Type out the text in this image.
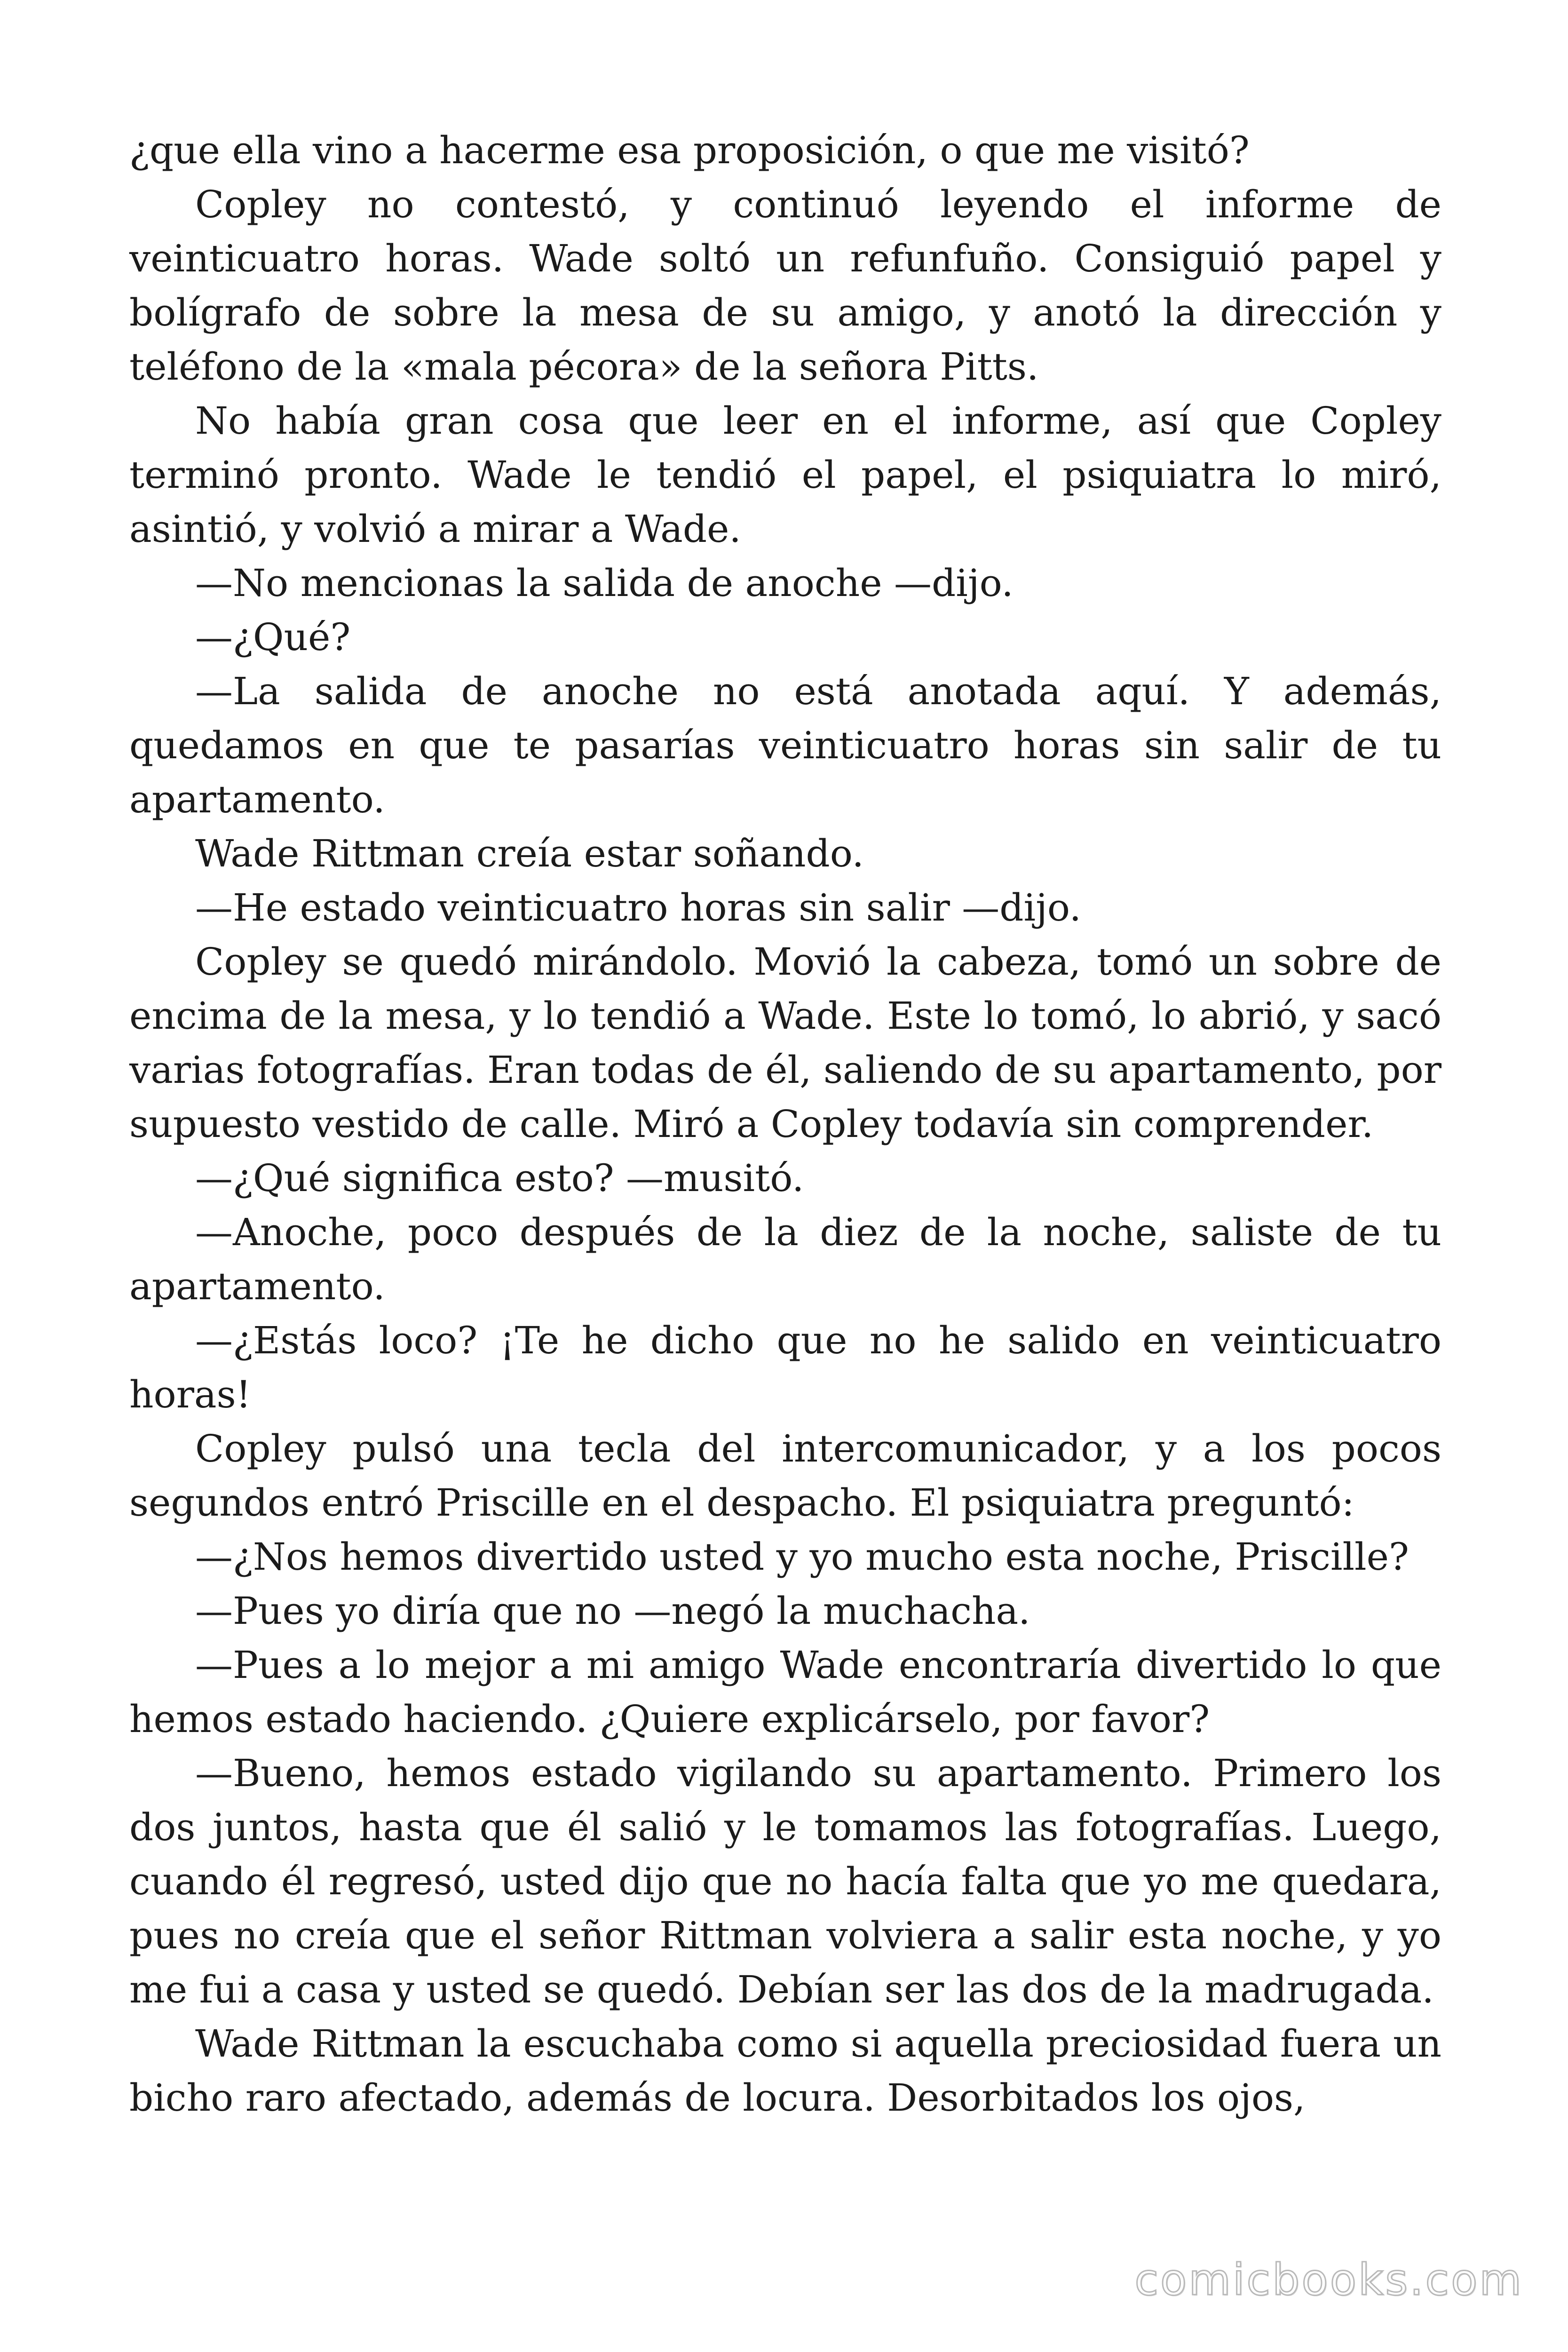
¿que ella vino a hacerme esa proposición, o que me visitó?

Copley no contestó, y continuó leyendo el informe de veinticuatro horas. Wade soltó un refunfuño. Consiguió papel y bolígrafo de sobre la mesa de su amigo, y anotó la dirección y teléfono de la «mala pécora» de la señora Pitts.

No había gran cosa que leer en el informe, así que Copley terminó pronto. Wade le tendió el papel, el psiquiatra lo miró, asintió, y volvió a mirar a Wade.

—No mencionas la salida de anoche —dijo.

—¿Qué?

—La salida de anoche no está anotada aquí. Y además, quedamos en que te pasarías veinticuatro horas sin salir de tu apartamento.

Wade Rittman creía estar soñando.

—He estado veinticuatro horas sin salir —dijo.

Copley se quedó mirándolo. Movió la cabeza, tomó un sobre de encima de la mesa, y lo tendió a Wade. Este lo tomó, lo abrió, y sacó varias fotografías. Eran todas de él, saliendo de su apartamento, por supuesto vestido de calle. Miró a Copley todavía sin comprender.

—¿Qué significa esto? —musitó.

—Anoche, poco después de la diez de la noche, saliste de tu apartamento.

—¿Estás loco? ¡Te he dicho que no he salido en veinticuatro horas!

Copley pulsó una tecla del intercomunicador, y a los pocos segundos entró Priscille en el despacho. El psiquiatra preguntó:

—¿Nos hemos divertido usted y yo mucho esta noche, Priscille?

—Pues yo diría que no —negó la muchacha.

—Pues a lo mejor a mi amigo Wade encontraría divertido lo que hemos estado haciendo. ¿Quiere explicárselo, por favor?

—Bueno, hemos estado vigilando su apartamento. Primero los dos juntos, hasta que él salió y le tomamos las fotografías. Luego, cuando él regresó, usted dijo que no hacía falta que yo me quedara, pues no creía que el señor Rittman volviera a salir esta noche, y yo me fui a casa y usted se quedó. Debían ser las dos de la madrugada.

Wade Rittman la escuchaba como si aquella preciosidad fuera un bicho raro afectado, además de locura. Desorbitados los ojos,

comicbooks.com
